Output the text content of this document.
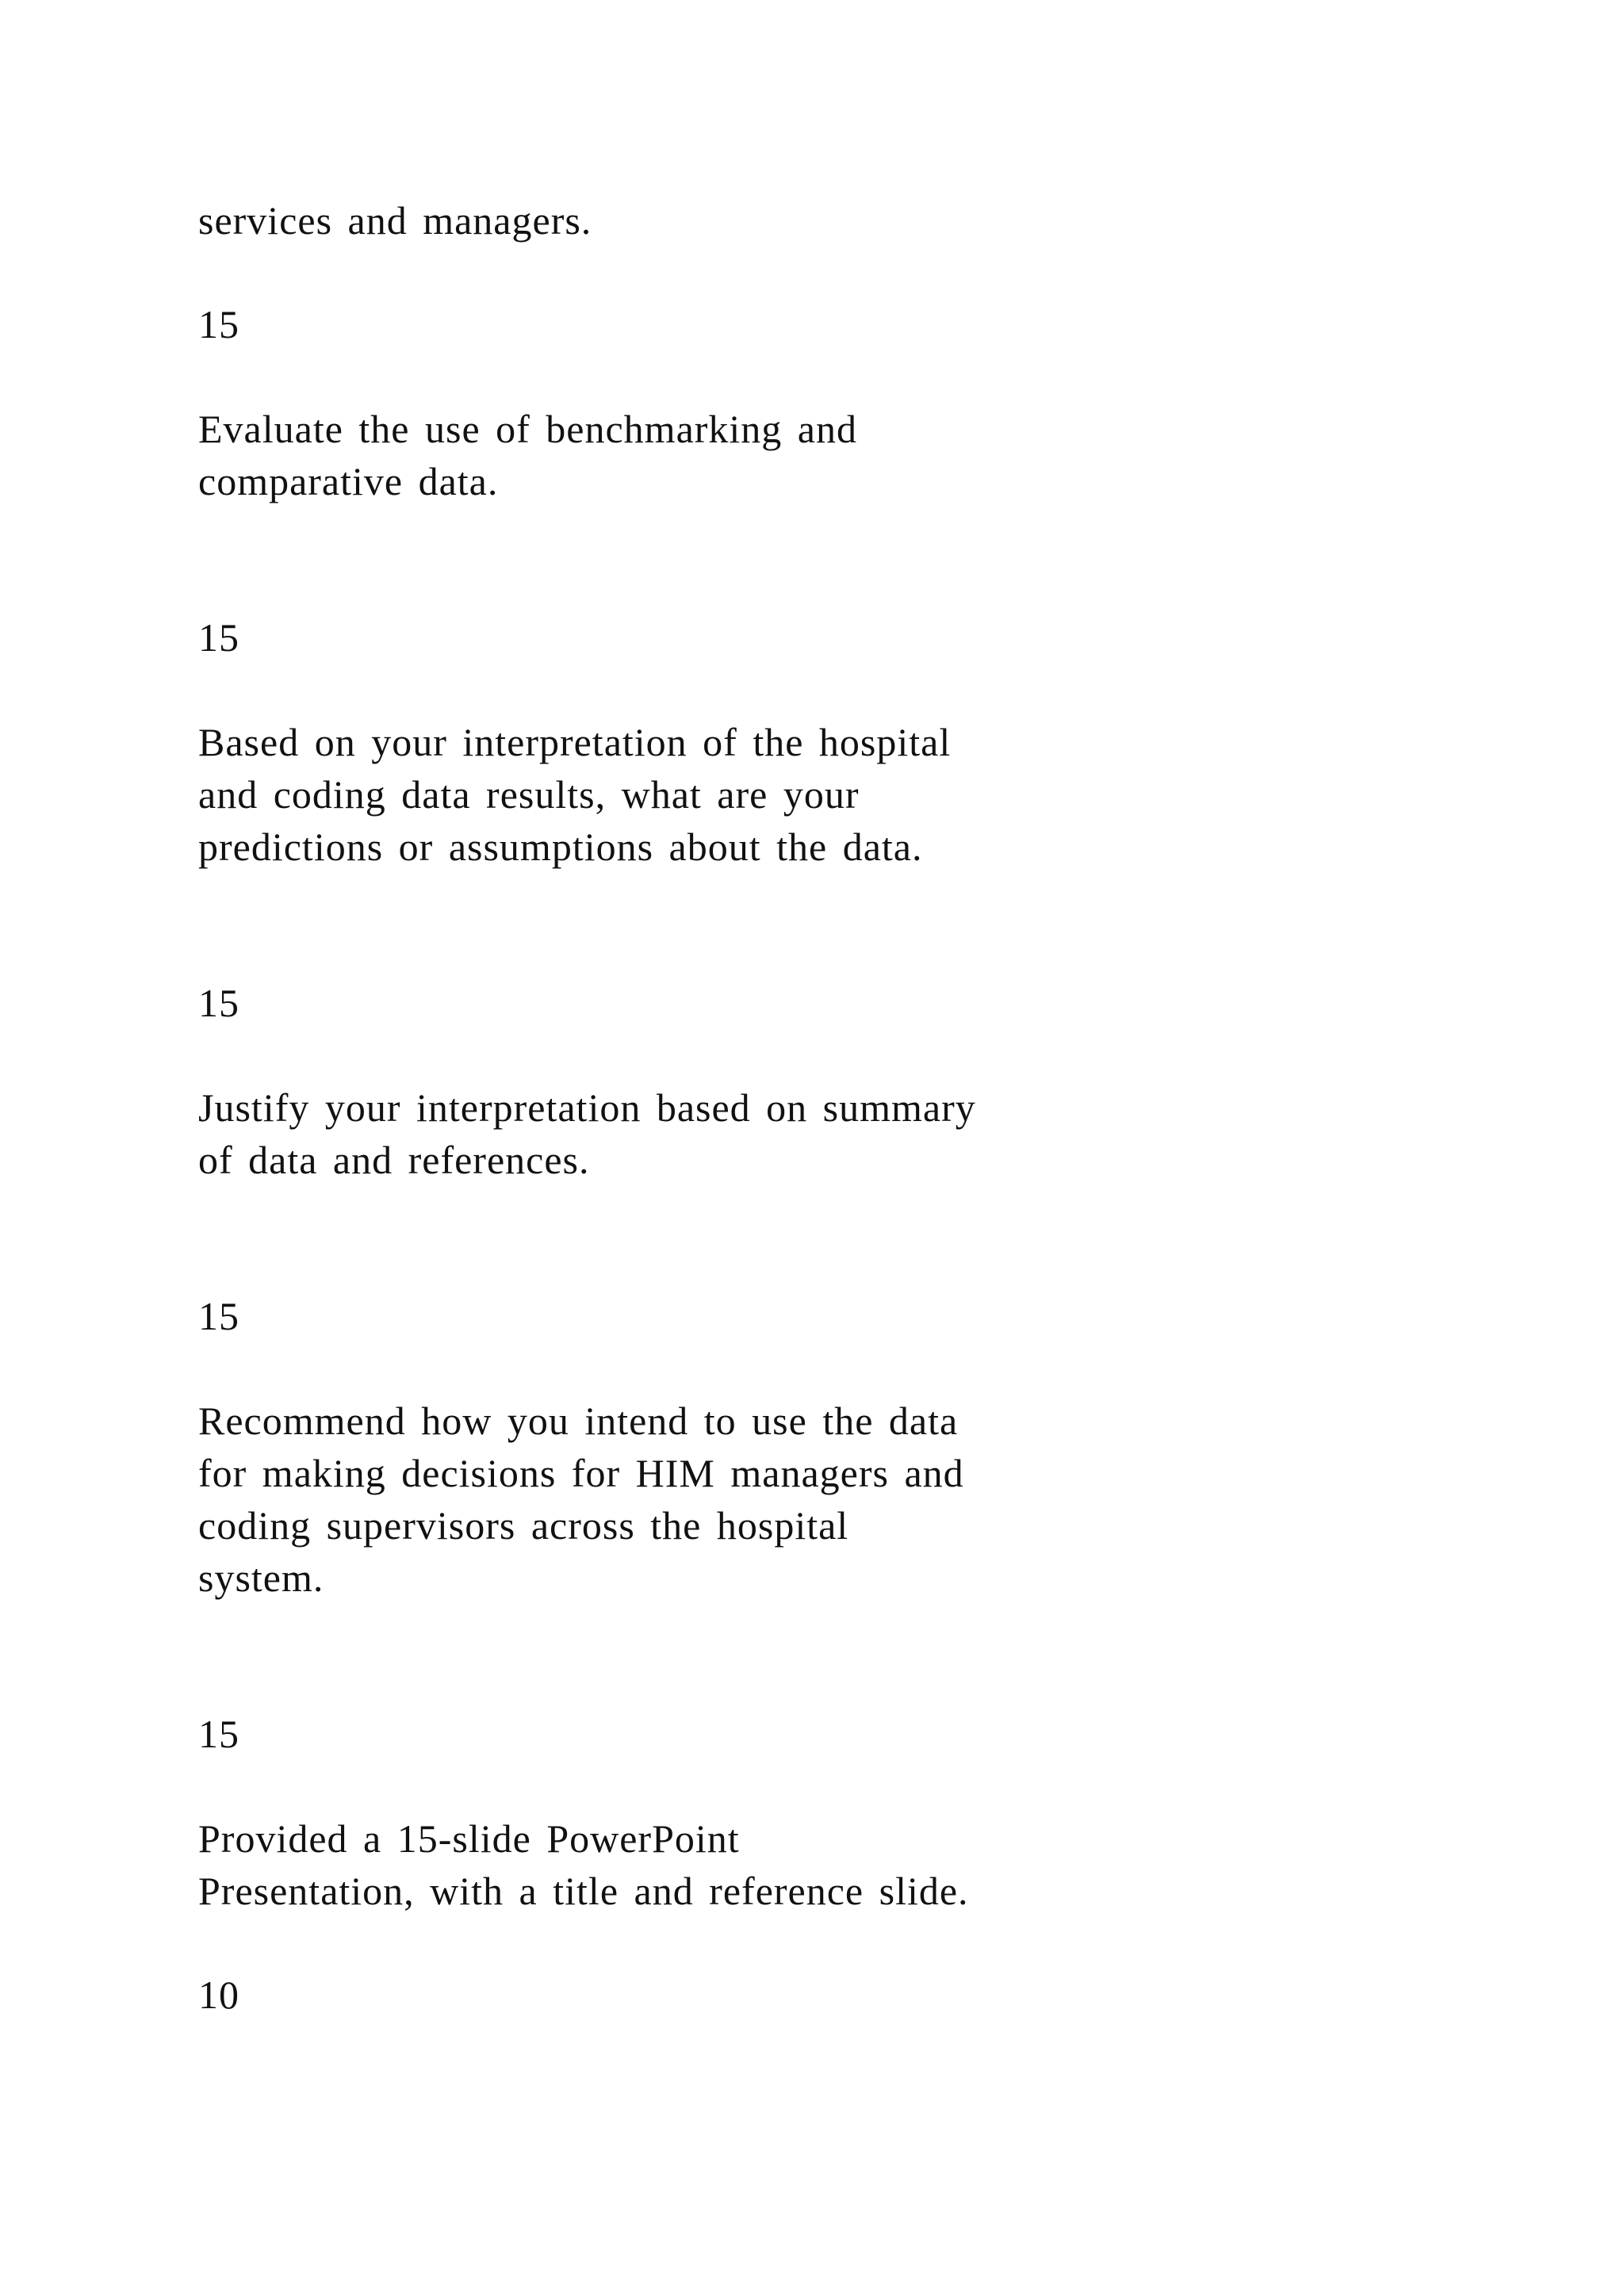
services and managers.
15
Evaluate the use of benchmarking and
comparative data.
15
Based on your interpretation of the hospital
and coding data results, what are your
predictions or assumptions about the data.
15
Justify your interpretation based on summary
of data and references.
15
Recommend how you intend to use the data
for making decisions for HIM managers and
coding supervisors across the hospital
system.
15
Provided a 15-slide PowerPoint
Presentation, with a title and reference slide.
10
